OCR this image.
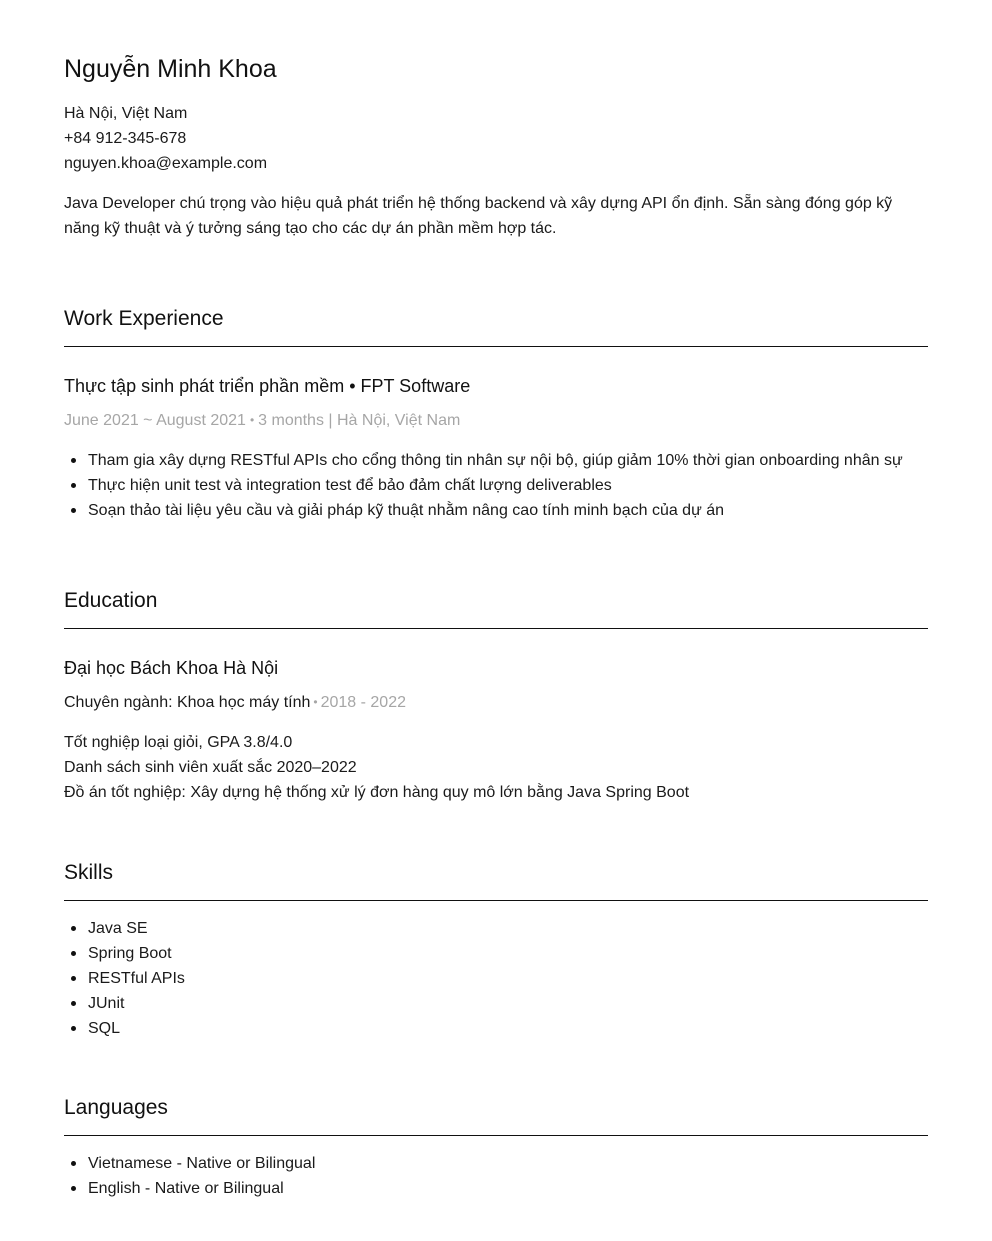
Nguyễn Minh Khoa
Hà Nội, Việt Nam
+84 912-345-678
nguyen.khoa@example.com

Java Developer chú trọng vào hiệu quả phát triển hệ thống backend và xây dựng API ổn định. Sẵn sàng đóng góp kỹ năng kỹ thuật và ý tưởng sáng tạo cho các dự án phần mềm hợp tác.

Work Experience
Thực tập sinh phát triển phần mềm • FPT Software
June 2021 ~ August 2021 • 3 months | Hà Nội, Việt Nam
Tham gia xây dựng RESTful APIs cho cổng thông tin nhân sự nội bộ, giúp giảm 10% thời gian onboarding nhân sự
Thực hiện unit test và integration test để bảo đảm chất lượng deliverables
Soạn thảo tài liệu yêu cầu và giải pháp kỹ thuật nhằm nâng cao tính minh bạch của dự án
Education
Đại học Bách Khoa Hà Nội
Chuyên ngành: Khoa học máy tính • 2018 - 2022
Tốt nghiệp loại giỏi, GPA 3.8/4.0
Danh sách sinh viên xuất sắc 2020–2022
Đồ án tốt nghiệp: Xây dựng hệ thống xử lý đơn hàng quy mô lớn bằng Java Spring Boot
Skills
Java SE
Spring Boot
RESTful APIs
JUnit
SQL
Languages
Vietnamese - Native or Bilingual
English - Native or Bilingual
